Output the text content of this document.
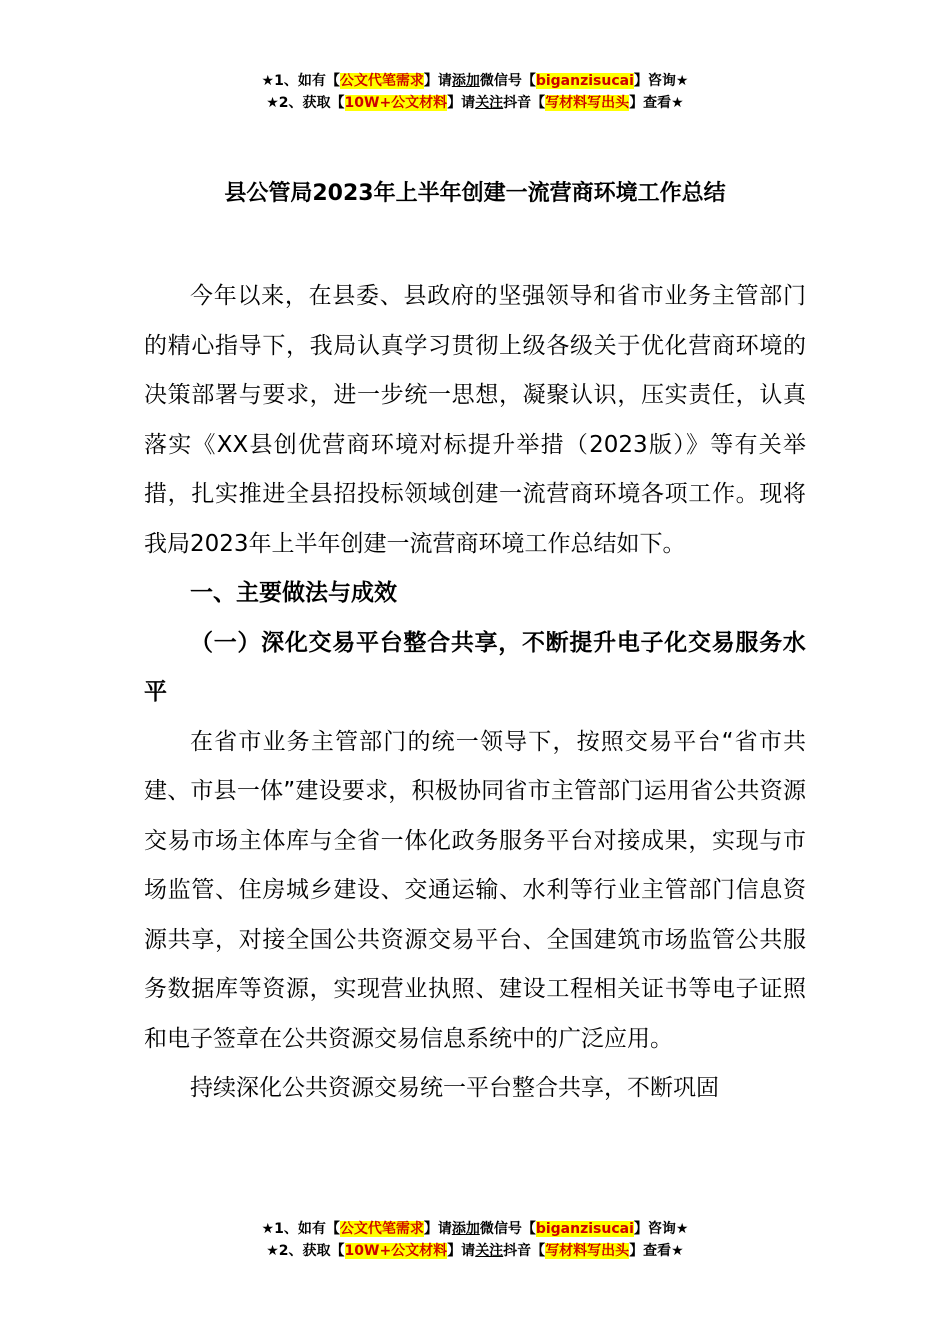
★1、如有【公文代笔需求】请添加微信号【biganzisucai】咨询★
★2、获取【10W+公文材料】请关注抖音【写材料写出头】查看★
县公管局2023年上半年创建一流营商环境工作总结

今年以来，在县委、县政府的坚强领导和省市业务主管部门的精心指导下，我局认真学习贯彻上级各级关于优化营商环境的决策部署与要求，进一步统一思想，凝聚认识，压实责任，认真落实《XX县创优营商环境对标提升举措（2023版）》等有关举措，扎实推进全县招投标领域创建一流营商环境各项工作。现将我局2023年上半年创建一流营商环境工作总结如下。

一、主要做法与成效

（一）深化交易平台整合共享，不断提升电子化交易服务水平

在省市业务主管部门的统一领导下，按照交易平台“省市共建、市县一体”建设要求，积极协同省市主管部门运用省公共资源交易市场主体库与全省一体化政务服务平台对接成果，实现与市场监管、住房城乡建设、交通运输、水利等行业主管部门信息资源共享，对接全国公共资源交易平台、全国建筑市场监管公共服务数据库等资源，实现营业执照、建设工程相关证书等电子证照和电子签章在公共资源交易信息系统中的广泛应用。

持续深化公共资源交易统一平台整合共享，不断巩固

★1、如有【公文代笔需求】请添加微信号【biganzisucai】咨询★
★2、获取【10W+公文材料】请关注抖音【写材料写出头】查看★
